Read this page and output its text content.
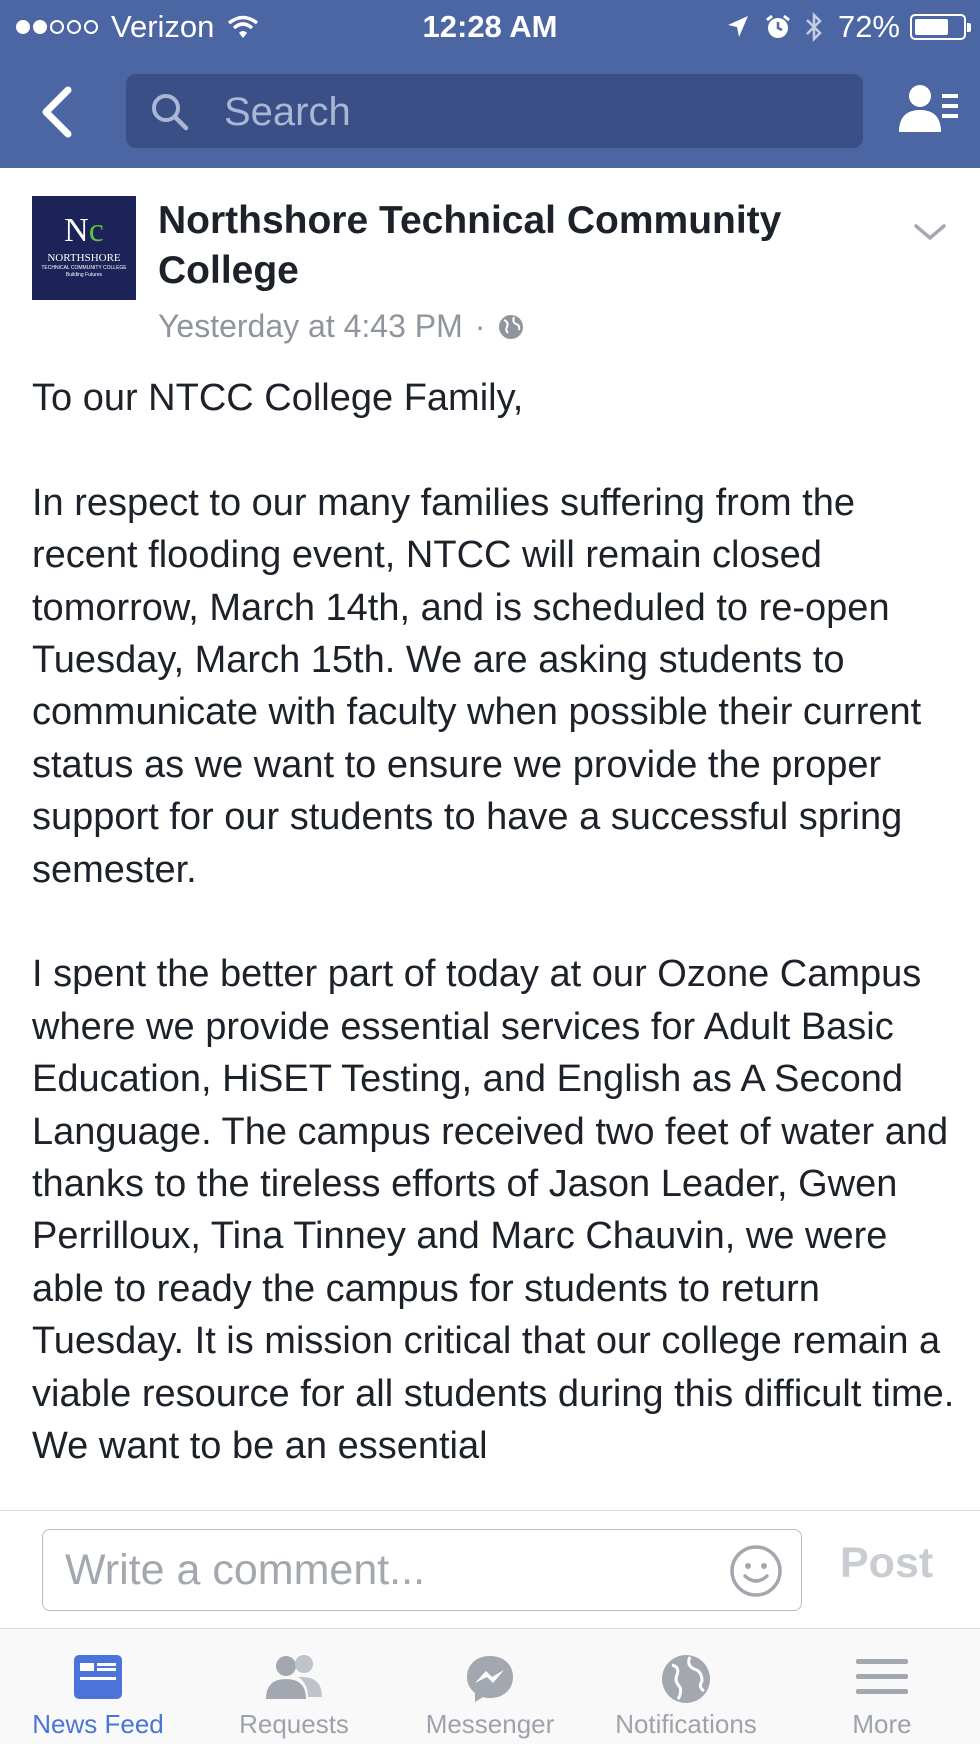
Verizon	12:28 AM	72%
Search
Nc
NORTHSHORE
TECHNICAL COMMUNITY COLLEGE
Building Futures
Northshore Technical Community College
Yesterday at 4:43 PM ·

To our NTCC College Family,

In respect to our many families suffering from the recent flooding event, NTCC will remain closed tomorrow, March 14th, and is scheduled to re-open Tuesday, March 15th. We are asking students to communicate with faculty when possible their current status as we want to ensure we provide the proper support for our students to have a successful spring semester.

I spent the better part of today at our Ozone Campus where we provide essential services for Adult Basic Education, HiSET Testing, and English as A Second Language. The campus received two feet of water and thanks to the tireless efforts of Jason Leader, Gwen Perrilloux, Tina Tinney and Marc Chauvin, we were able to ready the campus for students to return Tuesday. It is mission critical that our college remain a viable resource for all students during this difficult time. We want to be an essential

Write a comment...	Post
News Feed	Requests	Messenger	Notifications	More
